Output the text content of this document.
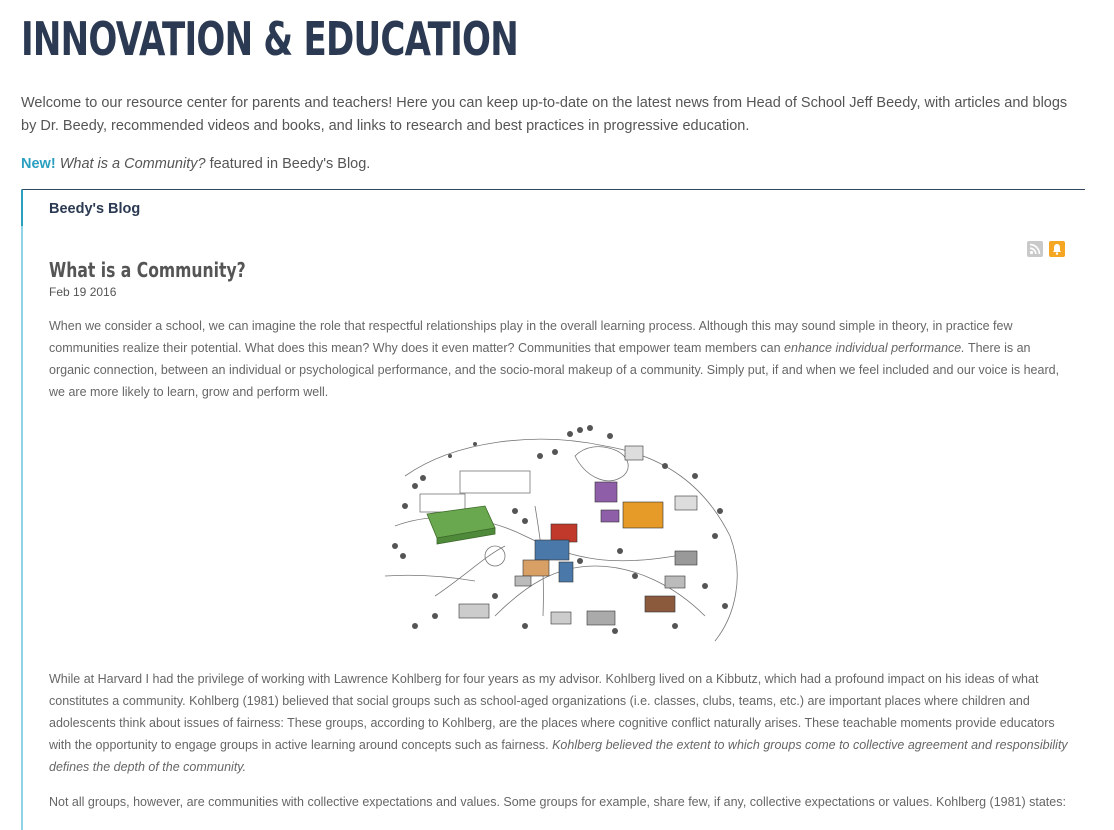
INNOVATION & EDUCATION

Welcome to our resource center for parents and teachers! Here you can keep up-to-date on the latest news from Head of School Jeff Beedy, with articles and blogs by Dr. Beedy, recommended videos and books, and links to research and best practices in progressive education.

New! What is a Community? featured in Beedy's Blog.

Beedy's Blog
What is a Community?
Feb 19 2016

When we consider a school, we can imagine the role that respectful relationships play in the overall learning process. Although this may sound simple in theory, in practice few communities realize their potential. What does this mean? Why does it even matter? Communities that empower team members can enhance individual performance. There is an organic connection, between an individual or psychological performance, and the socio-moral makeup of a community. Simply put, if and when we feel included and our voice is heard, we are more likely to learn, grow and perform well.

While at Harvard I had the privilege of working with Lawrence Kohlberg for four years as my advisor. Kohlberg lived on a Kibbutz, which had a profound impact on his ideas of what constitutes a community. Kohlberg (1981) believed that social groups such as school-aged organizations (i.e. classes, clubs, teams, etc.) are important places where children and adolescents think about issues of fairness: These groups, according to Kohlberg, are the places where cognitive conflict naturally arises. These teachable moments provide educators with the opportunity to engage groups in active learning around concepts such as fairness. Kohlberg believed the extent to which groups come to collective agreement and responsibility defines the depth of the community.

Not all groups, however, are communities with collective expectations and values. Some groups for example, share few, if any, collective expectations or values. Kohlberg (1981) states:
